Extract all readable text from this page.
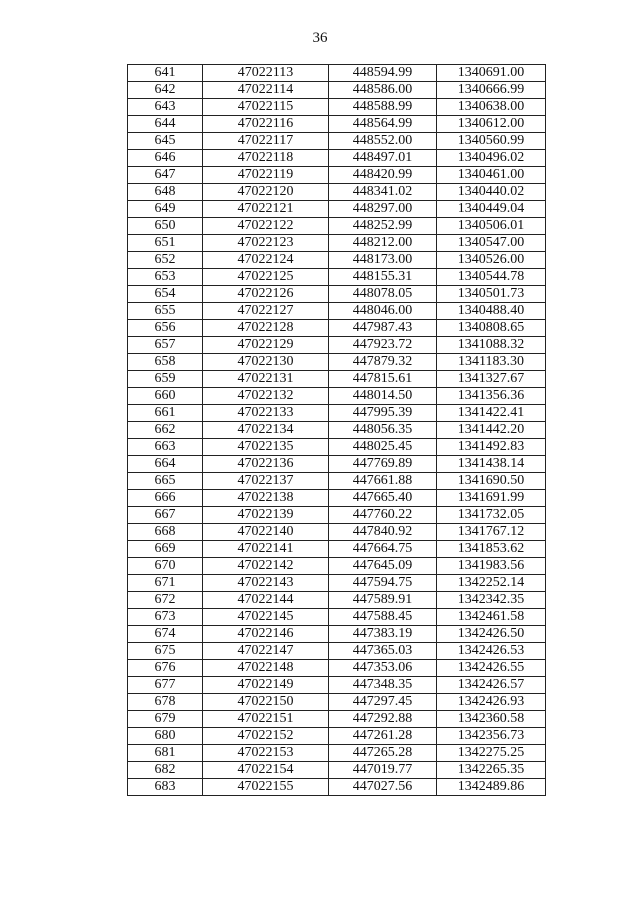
36
641	47022113	448594.99	1340691.00
642	47022114	448586.00	1340666.99
643	47022115	448588.99	1340638.00
644	47022116	448564.99	1340612.00
645	47022117	448552.00	1340560.99
646	47022118	448497.01	1340496.02
647	47022119	448420.99	1340461.00
648	47022120	448341.02	1340440.02
649	47022121	448297.00	1340449.04
650	47022122	448252.99	1340506.01
651	47022123	448212.00	1340547.00
652	47022124	448173.00	1340526.00
653	47022125	448155.31	1340544.78
654	47022126	448078.05	1340501.73
655	47022127	448046.00	1340488.40
656	47022128	447987.43	1340808.65
657	47022129	447923.72	1341088.32
658	47022130	447879.32	1341183.30
659	47022131	447815.61	1341327.67
660	47022132	448014.50	1341356.36
661	47022133	447995.39	1341422.41
662	47022134	448056.35	1341442.20
663	47022135	448025.45	1341492.83
664	47022136	447769.89	1341438.14
665	47022137	447661.88	1341690.50
666	47022138	447665.40	1341691.99
667	47022139	447760.22	1341732.05
668	47022140	447840.92	1341767.12
669	47022141	447664.75	1341853.62
670	47022142	447645.09	1341983.56
671	47022143	447594.75	1342252.14
672	47022144	447589.91	1342342.35
673	47022145	447588.45	1342461.58
674	47022146	447383.19	1342426.50
675	47022147	447365.03	1342426.53
676	47022148	447353.06	1342426.55
677	47022149	447348.35	1342426.57
678	47022150	447297.45	1342426.93
679	47022151	447292.88	1342360.58
680	47022152	447261.28	1342356.73
681	47022153	447265.28	1342275.25
682	47022154	447019.77	1342265.35
683	47022155	447027.56	1342489.86
